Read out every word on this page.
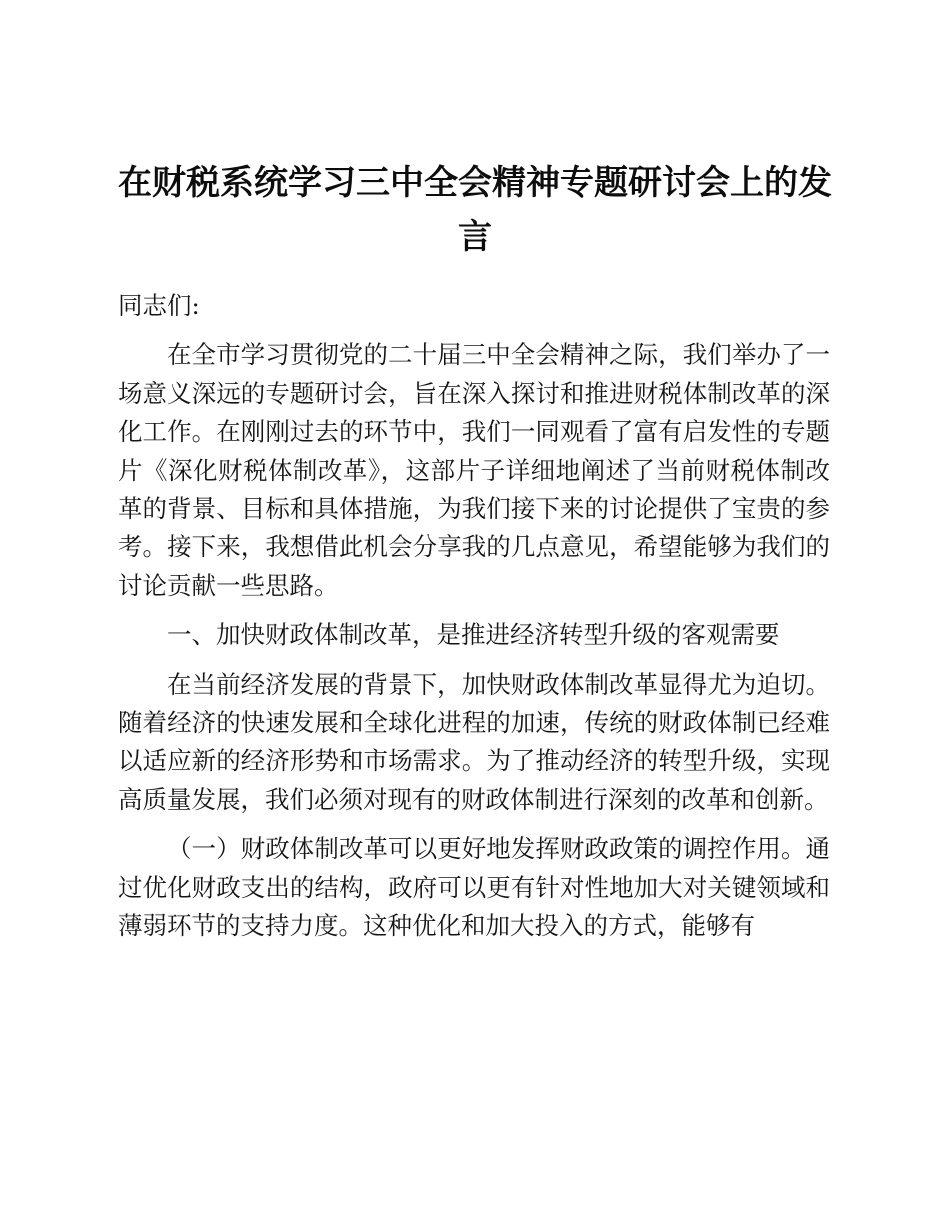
在财税系统学习三中全会精神专题研讨会上的发言

同志们:

在全市学习贯彻党的二十届三中全会精神之际，我们举办了一场意义深远的专题研讨会，旨在深入探讨和推进财税体制改革的深化工作。在刚刚过去的环节中，我们一同观看了富有启发性的专题片《深化财税体制改革》，这部片子详细地阐述了当前财税体制改革的背景、目标和具体措施，为我们接下来的讨论提供了宝贵的参考。接下来，我想借此机会分享我的几点意见，希望能够为我们的讨论贡献一些思路。

一、加快财政体制改革，是推进经济转型升级的客观需要

在当前经济发展的背景下，加快财政体制改革显得尤为迫切。随着经济的快速发展和全球化进程的加速，传统的财政体制已经难以适应新的经济形势和市场需求。为了推动经济的转型升级，实现高质量发展，我们必须对现有的财政体制进行深刻的改革和创新。

（一）财政体制改革可以更好地发挥财政政策的调控作用。通过优化财政支出的结构，政府可以更有针对性地加大对关键领域和薄弱环节的支持力度。这种优化和加大投入的方式，能够有
